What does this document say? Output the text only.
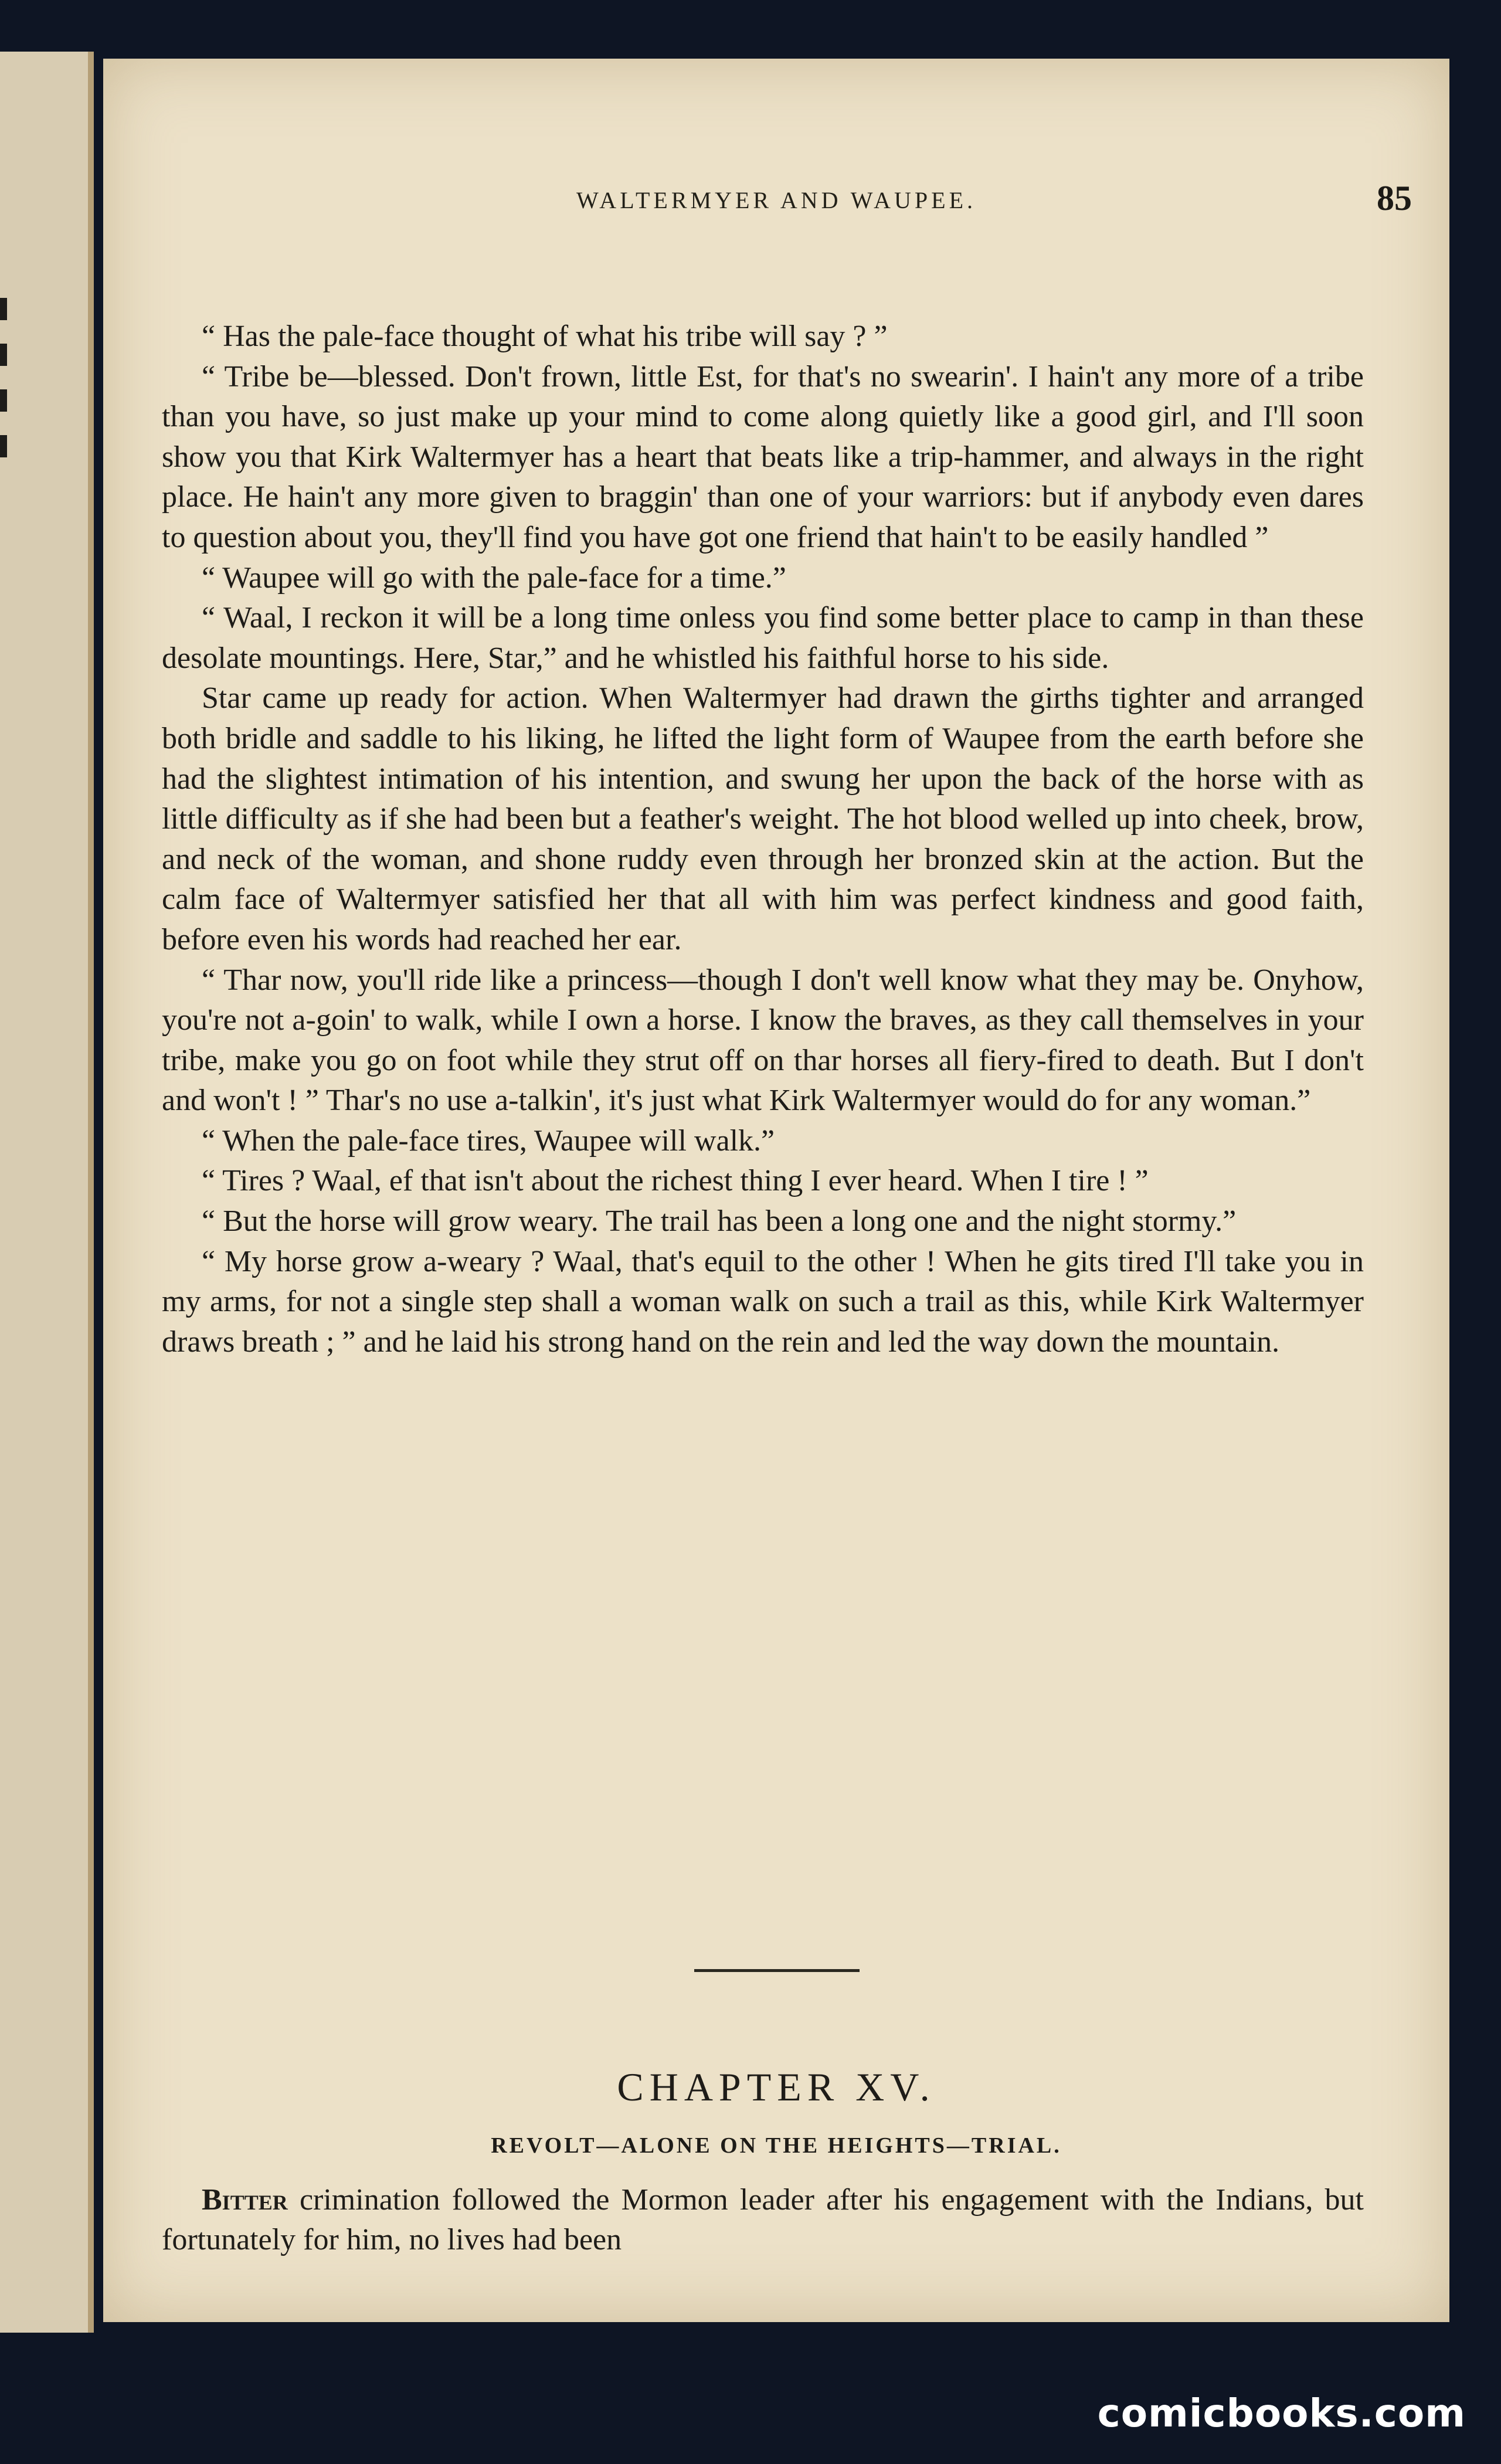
WALTERMYER AND WAUPEE.	85

“ Has the pale-face thought of what his tribe will say ? ”

“ Tribe be—blessed. Don't frown, little Est, for that's no swearin'. I hain't any more of a tribe than you have, so just make up your mind to come along quietly like a good girl, and I'll soon show you that Kirk Waltermyer has a heart that beats like a trip-hammer, and always in the right place. He hain't any more given to braggin' than one of your warriors: but if anybody even dares to question about you, they'll find you have got one friend that hain't to be easily handled ”

“ Waupee will go with the pale-face for a time.”

“ Waal, I reckon it will be a long time onless you find some better place to camp in than these desolate mountings. Here, Star,” and he whistled his faithful horse to his side.

Star came up ready for action. When Waltermyer had drawn the girths tighter and arranged both bridle and saddle to his liking, he lifted the light form of Waupee from the earth before she had the slightest intimation of his intention, and swung her upon the back of the horse with as little difficulty as if she had been but a feather's weight. The hot blood welled up into cheek, brow, and neck of the woman, and shone ruddy even through her bronzed skin at the action. But the calm face of Waltermyer satisfied her that all with him was perfect kindness and good faith, before even his words had reached her ear.

“ Thar now, you'll ride like a princess—though I don't well know what they may be. Onyhow, you're not a-goin' to walk, while I own a horse. I know the braves, as they call themselves in your tribe, make you go on foot while they strut off on thar horses all fiery-fired to death. But I don't and won't ! ” Thar's no use a-talkin', it's just what Kirk Waltermyer would do for any woman.”

“ When the pale-face tires, Waupee will walk.”

“ Tires ? Waal, ef that isn't about the richest thing I ever heard. When I tire ! ”

“ But the horse will grow weary. The trail has been a long one and the night stormy.”

“ My horse grow a-weary ? Waal, that's equil to the other ! When he gits tired I'll take you in my arms, for not a single step shall a woman walk on such a trail as this, while Kirk Waltermyer draws breath ; ” and he laid his strong hand on the rein and led the way down the mountain.

CHAPTER XV.
REVOLT—ALONE ON THE HEIGHTS—TRIAL.

Bitter crimination followed the Mormon leader after his engagement with the Indians, but fortunately for him, no lives had been

comicbooks.com
